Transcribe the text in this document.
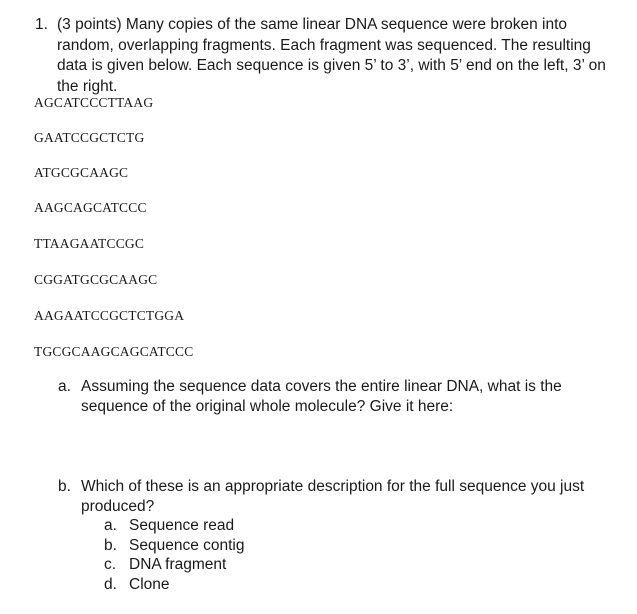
1. (3 points) Many copies of the same linear DNA sequence were broken into random, overlapping fragments. Each fragment was sequenced. The resulting data is given below. Each sequence is given 5’ to 3’, with 5’ end on the left, 3’ on the right.
AGCATCCCTTAAG
GAATCCGCTCTG
ATGCGCAAGC
AAGCAGCATCCC
TTAAGAATCCGC
CGGATGCGCAAGC
AAGAATCCGCTCTGGA
TGCGCAAGCAGCATCCC
a. Assuming the sequence data covers the entire linear DNA, what is the sequence of the original whole molecule? Give it here:
b. Which of these is an appropriate description for the full sequence you just produced?
a. Sequence read
b. Sequence contig
c. DNA fragment
d. Clone
